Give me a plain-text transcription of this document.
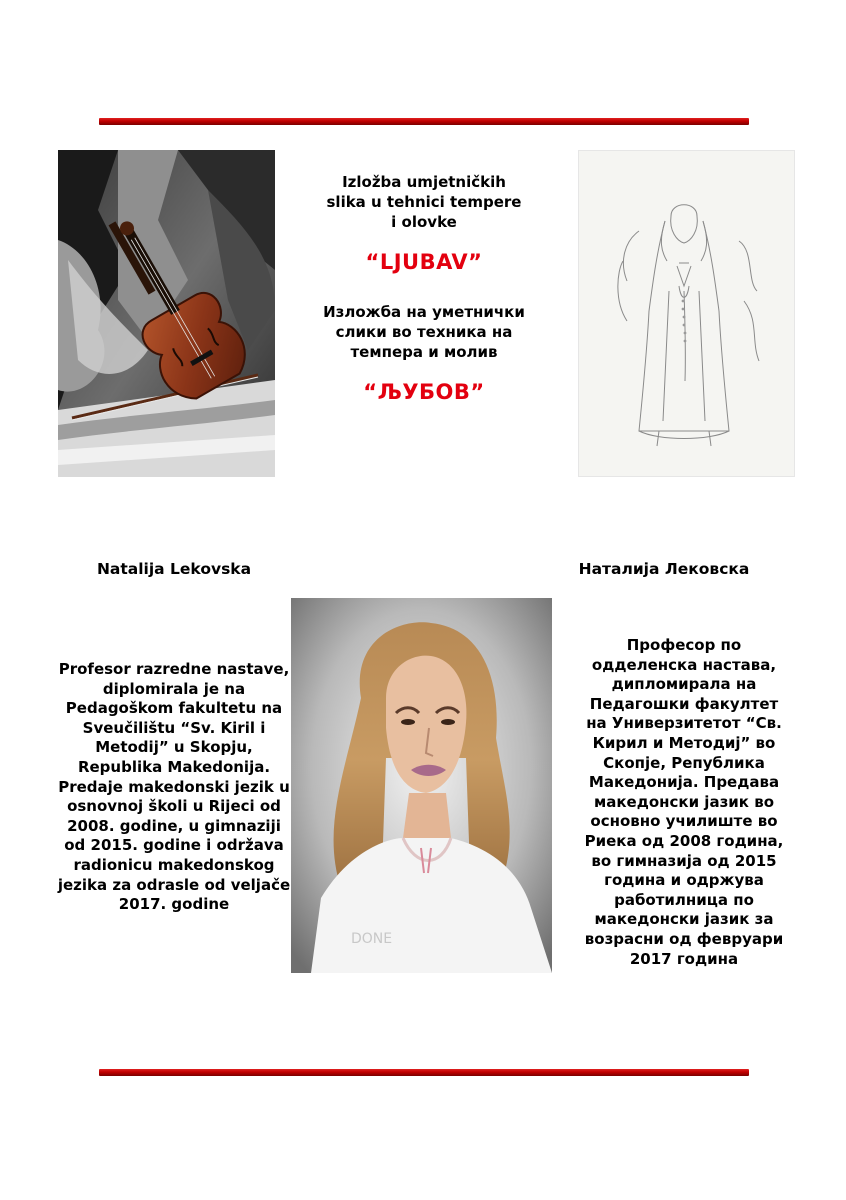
Izložba umjetničkih slika u tehnici tempere i olovke

“LJUBAV”

Изложба на уметнички слики во техника на темпера и молив

“ЉУБОВ”

Natalija Lekovska	Наталија Лековска

DONE

Profesor razredne nastave, diplomirala je na Pedagoškom fakultetu na Sveučilištu “Sv. Kiril i Metodij” u Skopju, Republika Makedonija. Predaje makedonski jezik u osnovnoj školi u Rijeci od 2008. godine, u gimnaziji od 2015. godine i održava radionicu makedonskog jezika za odrasle od veljače 2017. godine

Професор по одделенска настава, дипломирала на Педагошки факултет на Универзитетот “Св. Кирил и Методиј” во Скопје, Република Македонија. Предава македонски јазик во основно училиште во Риека од 2008 година, во гимназија од 2015 година и одржува работилница по македонски јазик за возрасни од февруари 2017 година
